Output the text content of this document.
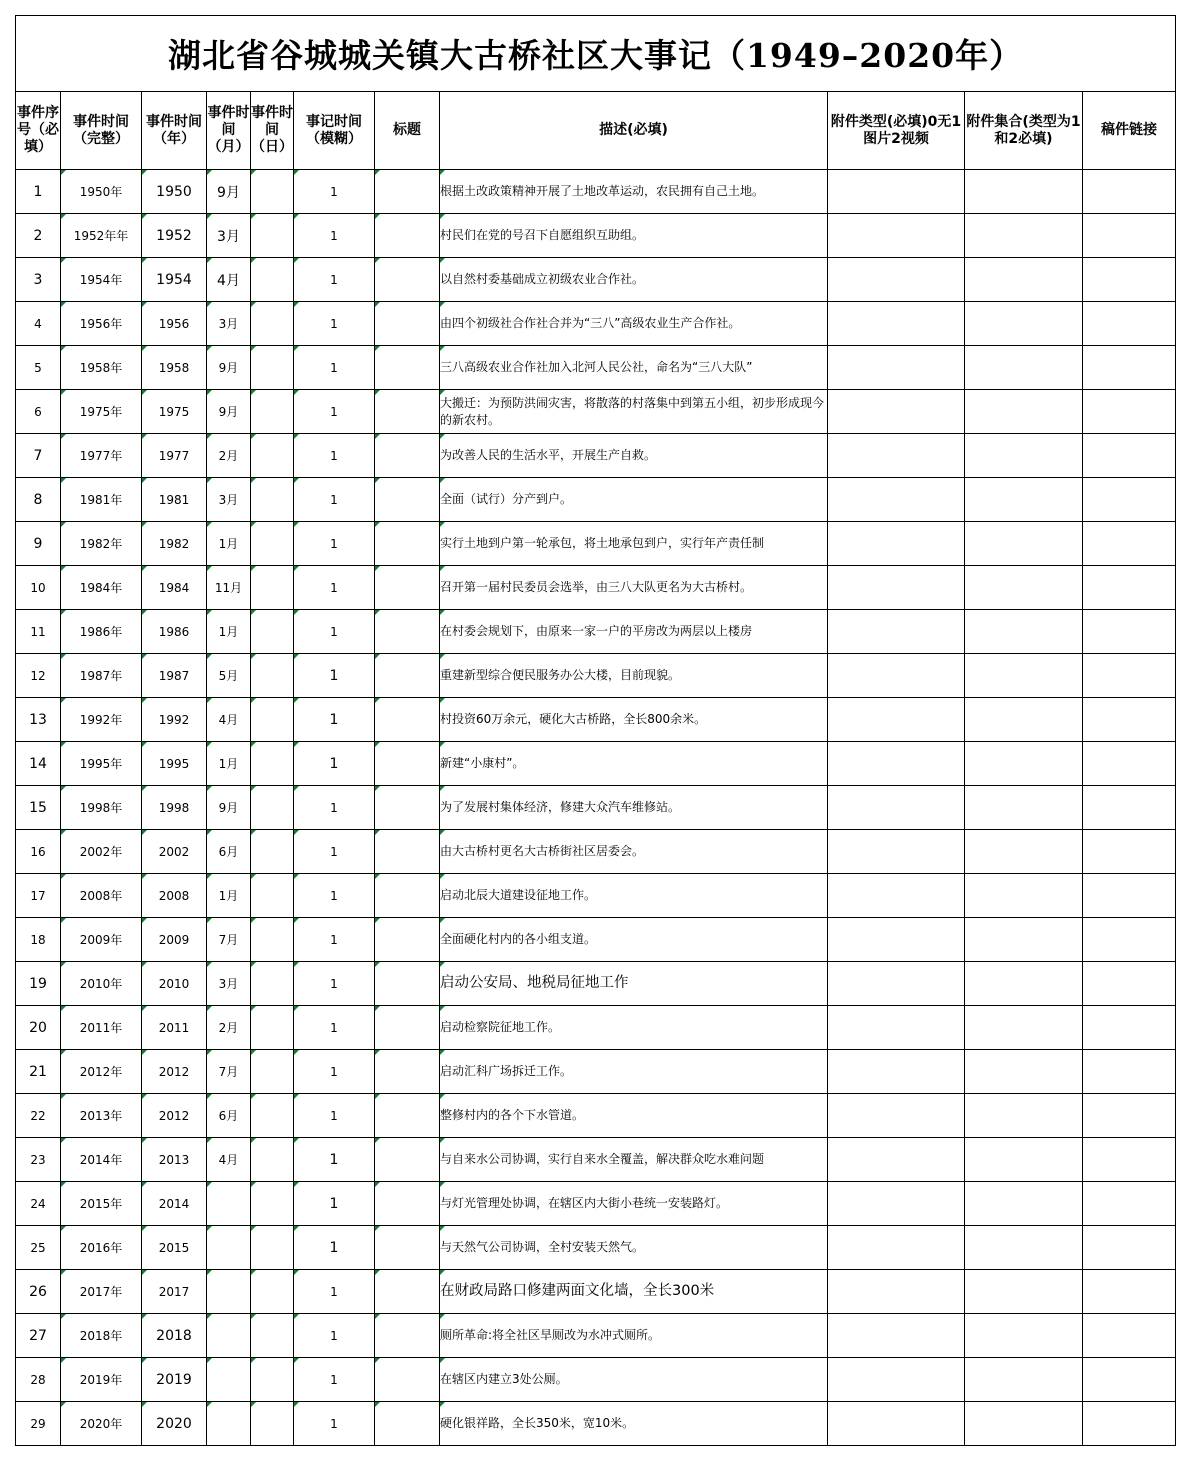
湖北省谷城城关镇大古桥社区大事记（1949–2020年）										
事件序号（必填）	事件时间（完整）	事件时间（年）	事件时间（月）	事件时间（日）	事记时间（模糊）	标题	描述(必填)	附件类型(必填)0无1图片2视频	附件集合(类型为1和2必填)	稿件链接
1	1950年	1950	9月		1		根据土改政策精神开展了土地改革运动，农民拥有自己土地。			
2	1952年年	1952	3月		1		村民们在党的号召下自愿组织互助组。			
3	1954年	1954	4月		1		以自然村委基础成立初级农业合作社。			
4	1956年	1956	3月		1		由四个初级社合作社合并为“三八”高级农业生产合作社。			
5	1958年	1958	9月		1		三八高级农业合作社加入北河人民公社，命名为“三八大队”			
6	1975年	1975	9月		1		大搬迁：为预防洪闹灾害，将散落的村落集中到第五小组，初步形成现今的新农村。			
7	1977年	1977	2月		1		为改善人民的生活水平，开展生产自救。			
8	1981年	1981	3月		1		全面（试行）分产到户。			
9	1982年	1982	1月		1		实行土地到户第一轮承包，将土地承包到户，实行年产责任制			
10	1984年	1984	11月		1		召开第一届村民委员会选举，由三八大队更名为大古桥村。			
11	1986年	1986	1月		1		在村委会规划下，由原来一家一户的平房改为两层以上楼房			
12	1987年	1987	5月		1		重建新型综合便民服务办公大楼，目前现貌。			
13	1992年	1992	4月		1		村投资60万余元，硬化大古桥路，全长800余米。			
14	1995年	1995	1月		1		新建“小康村”。			
15	1998年	1998	9月		1		为了发展村集体经济，修建大众汽车维修站。			
16	2002年	2002	6月		1		由大古桥村更名大古桥街社区居委会。			
17	2008年	2008	1月		1		启动北辰大道建设征地工作。			
18	2009年	2009	7月		1		全面硬化村内的各小组支道。			
19	2010年	2010	3月		1		启动公安局、地税局征地工作			
20	2011年	2011	2月		1		启动检察院征地工作。			
21	2012年	2012	7月		1		启动汇科广场拆迁工作。			
22	2013年	2012	6月		1		整修村内的各个下水管道。			
23	2014年	2013	4月		1		与自来水公司协调，实行自来水全覆盖，解决群众吃水难问题			
24	2015年	2014			1		与灯光管理处协调，在辖区内大街小巷统一安装路灯。			
25	2016年	2015			1		与天然气公司协调，全村安装天然气。			
26	2017年	2017			1		在财政局路口修建两面文化墙，全长300米			
27	2018年	2018			1		厕所革命:将全社区旱厕改为水冲式厕所。			
28	2019年	2019			1		在辖区内建立3处公厕。			
29	2020年	2020			1		硬化银祥路，全长350米，宽10米。			
